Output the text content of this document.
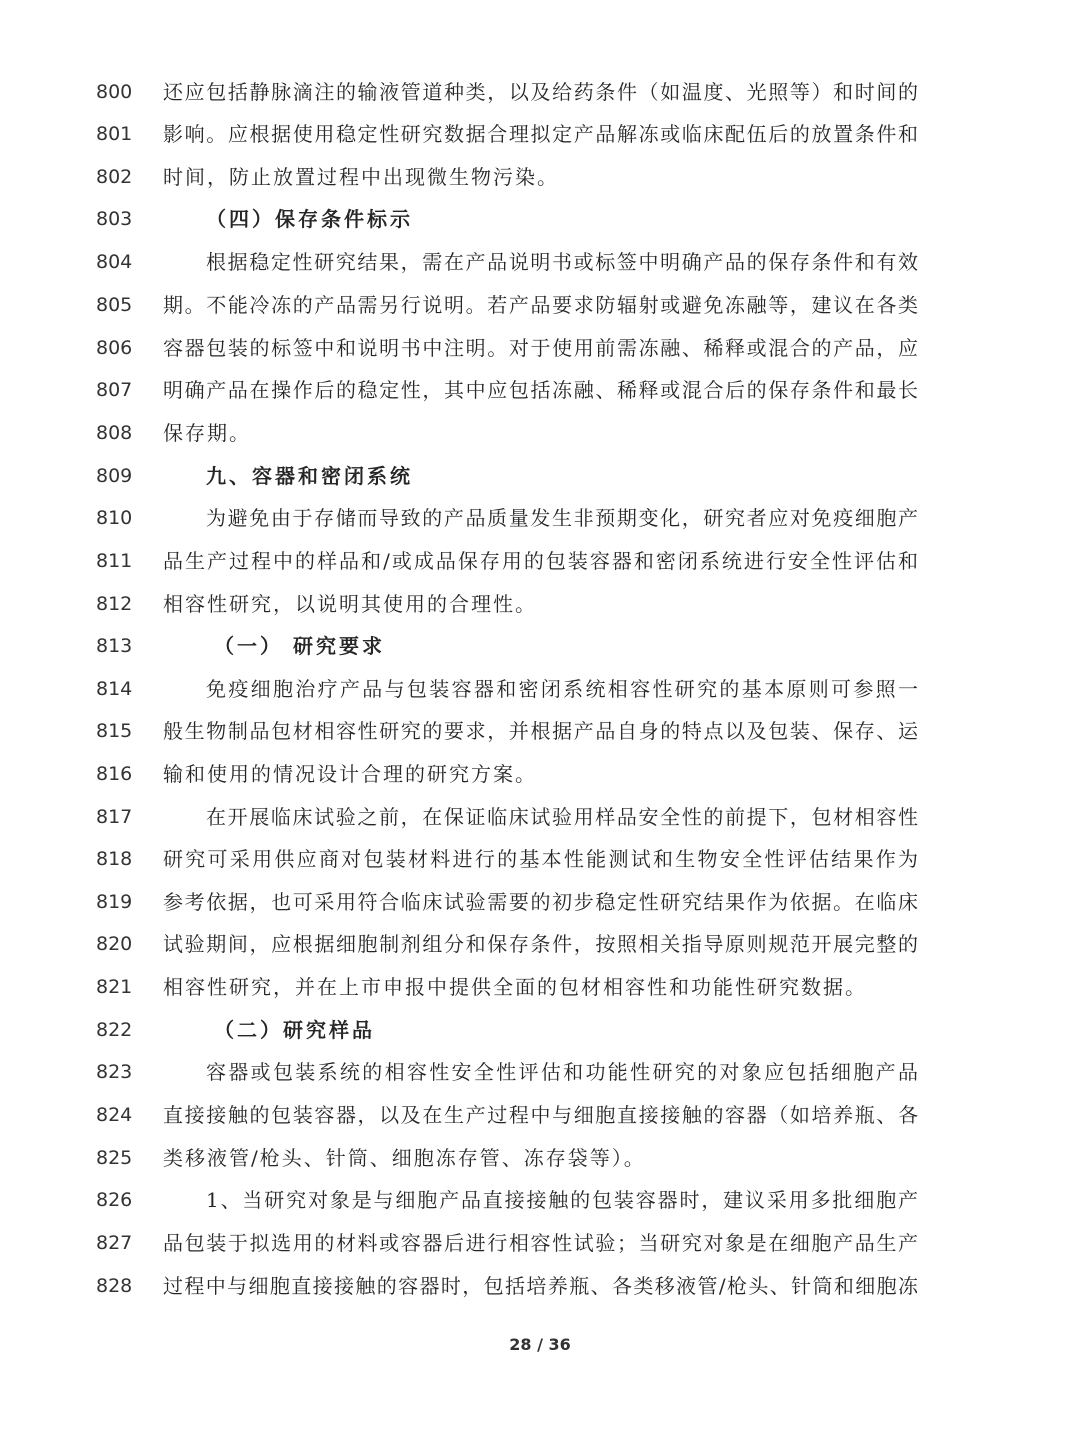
800	还应包括静脉滴注的输液管道种类，以及给药条件（如温度、光照等）和时间的
801	影响。应根据使用稳定性研究数据合理拟定产品解冻或临床配伍后的放置条件和
802	时间，防止放置过程中出现微生物污染。
803	（四）保存条件标示
804	根据稳定性研究结果，需在产品说明书或标签中明确产品的保存条件和有效
805	期。不能冷冻的产品需另行说明。若产品要求防辐射或避免冻融等，建议在各类
806	容器包装的标签中和说明书中注明。对于使用前需冻融、稀释或混合的产品，应
807	明确产品在操作后的稳定性，其中应包括冻融、稀释或混合后的保存条件和最长
808	保存期。
809	九、容器和密闭系统
810	为避免由于存储而导致的产品质量发生非预期变化，研究者应对免疫细胞产
811	品生产过程中的样品和/或成品保存用的包装容器和密闭系统进行安全性评估和
812	相容性研究，以说明其使用的合理性。
813	（一） 研究要求
814	免疫细胞治疗产品与包装容器和密闭系统相容性研究的基本原则可参照一
815	般生物制品包材相容性研究的要求，并根据产品自身的特点以及包装、保存、运
816	输和使用的情况设计合理的研究方案。
817	在开展临床试验之前，在保证临床试验用样品安全性的前提下，包材相容性
818	研究可采用供应商对包装材料进行的基本性能测试和生物安全性评估结果作为
819	参考依据，也可采用符合临床试验需要的初步稳定性研究结果作为依据。在临床
820	试验期间，应根据细胞制剂组分和保存条件，按照相关指导原则规范开展完整的
821	相容性研究，并在上市申报中提供全面的包材相容性和功能性研究数据。
822	（二）研究样品
823	容器或包装系统的相容性安全性评估和功能性研究的对象应包括细胞产品
824	直接接触的包装容器，以及在生产过程中与细胞直接接触的容器（如培养瓶、各
825	类移液管/枪头、针筒、细胞冻存管、冻存袋等）。
826	1、当研究对象是与细胞产品直接接触的包装容器时，建议采用多批细胞产
827	品包装于拟选用的材料或容器后进行相容性试验；当研究对象是在细胞产品生产
828	过程中与细胞直接接触的容器时，包括培养瓶、各类移液管/枪头、针筒和细胞冻
28 / 36
